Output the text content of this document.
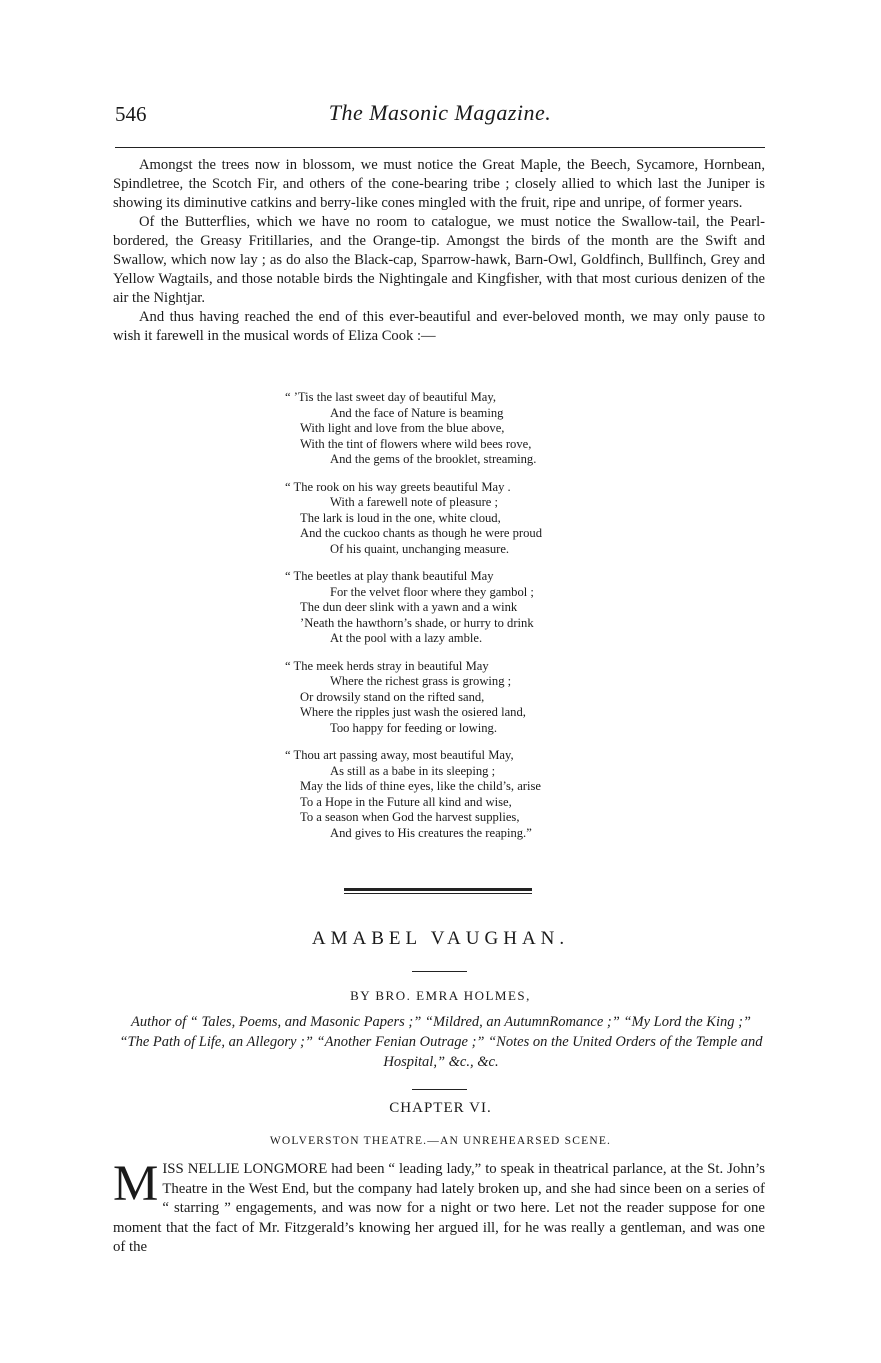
546	The Masonic Magazine.

Amongst the trees now in blossom, we must notice the Great Maple, the Beech, Sycamore, Hornbean, Spindletree, the Scotch Fir, and others of the cone-bearing tribe ; closely allied to which last the Juniper is showing its diminutive catkins and berry-like cones mingled with the fruit, ripe and unripe, of former years.

Of the Butterflies, which we have no room to catalogue, we must notice the Swallow-tail, the Pearl-bordered, the Greasy Fritillaries, and the Orange-tip. Amongst the birds of the month are the Swift and Swallow, which now lay ; as do also the Black-cap, Sparrow-hawk, Barn-Owl, Goldfinch, Bullfinch, Grey and Yellow Wagtails, and those notable birds the Nightingale and Kingfisher, with that most curious denizen of the air the Nightjar.

And thus having reached the end of this ever-beautiful and ever-beloved month, we may only pause to wish it farewell in the musical words of Eliza Cook :—

“ ’Tis the last sweet day of beautiful May,
And the face of Nature is beaming
With light and love from the blue above,
With the tint of flowers where wild bees rove,
And the gems of the brooklet, streaming.
“ The rook on his way greets beautiful May .
With a farewell note of pleasure ;
The lark is loud in the one, white cloud,
And the cuckoo chants as though he were proud
Of his quaint, unchanging measure.
“ The beetles at play thank beautiful May
For the velvet floor where they gambol ;
The dun deer slink with a yawn and a wink
’Neath the hawthorn’s shade, or hurry to drink
At the pool with a lazy amble.
“ The meek herds stray in beautiful May
Where the richest grass is growing ;
Or drowsily stand on the rifted sand,
Where the ripples just wash the osiered land,
Too happy for feeding or lowing.
“ Thou art passing away, most beautiful May,
As still as a babe in its sleeping ;
May the lids of thine eyes, like the child’s, arise
To a Hope in the Future all kind and wise,
To a season when God the harvest supplies,
And gives to His creatures the reaping.”
AMABEL VAUGHAN.
BY BRO. EMRA HOLMES,
Author of “ Tales, Poems, and Masonic Papers ;” “Mildred, an AutumnRomance ;” “My Lord the King ;” “The Path of Life, an Allegory ;” “Another Fenian Outrage ;” “Notes on the United Orders of the Temple and Hospital,” &c., &c.
CHAPTER VI.
WOLVERSTON THEATRE.—AN UNREHEARSED SCENE.

MISS NELLIE LONGMORE had been “ leading lady,” to speak in theatrical parlance, at the St. John’s Theatre in the West End, but the company had lately broken up, and she had since been on a series of “ starring ” engagements, and was now for a night or two here. Let not the reader suppose for one moment that the fact of Mr. Fitzgerald’s knowing her argued ill, for he was really a gentleman, and was one of the
